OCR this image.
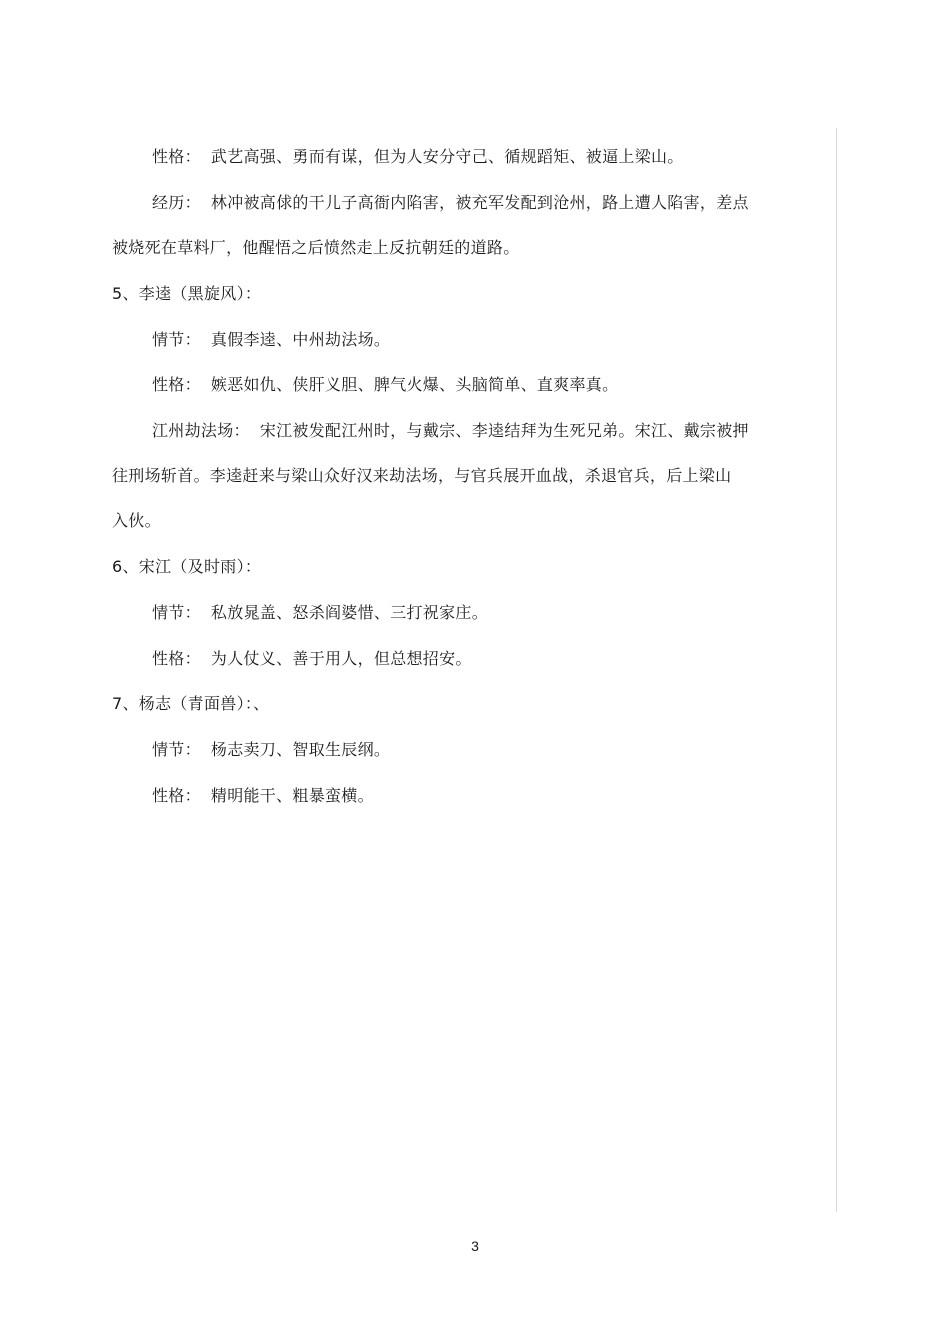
性格： 武艺高强、勇而有谋，但为人安分守己、循规蹈矩、被逼上梁山。
经历： 林冲被高俅的干儿子高衙内陷害，被充军发配到沧州，路上遭人陷害，差点
被烧死在草料厂，他醒悟之后愤然走上反抗朝廷的道路。
5、李逵（黑旋风）：
情节： 真假李逵、中州劫法场。
性格： 嫉恶如仇、侠肝义胆、脾气火爆、头脑简单、直爽率真。
江州劫法场： 宋江被发配江州时，与戴宗、李逵结拜为生死兄弟。宋江、戴宗被押
往刑场斩首。李逵赶来与梁山众好汉来劫法场，与官兵展开血战，杀退官兵，后上梁山
入伙。
6、宋江（及时雨）：
情节： 私放晁盖、怒杀阎婆惜、三打祝家庄。
性格： 为人仗义、善于用人，但总想招安。
7、杨志（青面兽）：、
情节： 杨志卖刀、智取生辰纲。
性格： 精明能干、粗暴蛮横。
3
